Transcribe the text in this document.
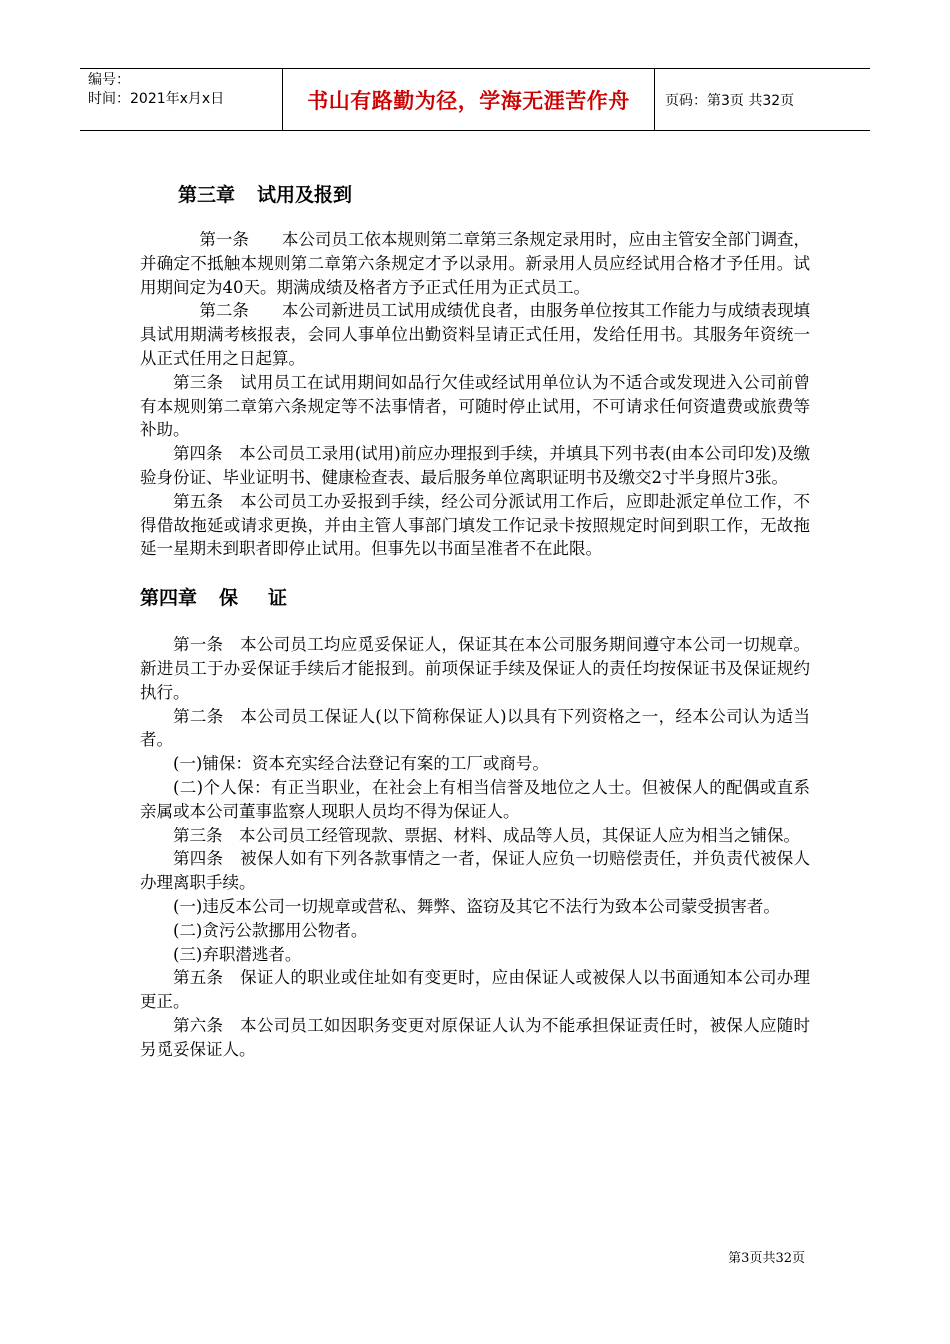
编号：
时间：2021年x月x日	书山有路勤为径，学海无涯苦作舟	页码：第3页 共32页
第三章 试用及报到

第一条　　本公司员工依本规则第二章第三条规定录用时，应由主管安全部门调查，并确定不抵触本规则第二章第六条规定才予以录用。新录用人员应经试用合格才予任用。试用期间定为40天。期满成绩及格者方予正式任用为正式员工。

第二条　　本公司新进员工试用成绩优良者，由服务单位按其工作能力与成绩表现填具试用期满考核报表，会同人事单位出勤资料呈请正式任用，发给任用书。其服务年资统一从正式任用之日起算。

第三条　试用员工在试用期间如品行欠佳或经试用单位认为不适合或发现进入公司前曾有本规则第二章第六条规定等不法事情者，可随时停止试用，不可请求任何资遣费或旅费等补助。

第四条　本公司员工录用(试用)前应办理报到手续，并填具下列书表(由本公司印发)及缴验身份证、毕业证明书、健康检查表、最后服务单位离职证明书及缴交2寸半身照片3张。

第五条　本公司员工办妥报到手续，经公司分派试用工作后，应即赴派定单位工作，不得借故拖延或请求更换，并由主管人事部门填发工作记录卡按照规定时间到职工作，无故拖延一星期未到职者即停止试用。但事先以书面呈准者不在此限。

第四章 保 证

第一条　本公司员工均应觅妥保证人，保证其在本公司服务期间遵守本公司一切规章。新进员工于办妥保证手续后才能报到。前项保证手续及保证人的责任均按保证书及保证规约执行。

第二条　本公司员工保证人(以下简称保证人)以具有下列资格之一，经本公司认为适当者。

(一)铺保：资本充实经合法登记有案的工厂或商号。

(二)个人保：有正当职业，在社会上有相当信誉及地位之人士。但被保人的配偶或直系亲属或本公司董事监察人现职人员均不得为保证人。

第三条　本公司员工经管现款、票据、材料、成品等人员，其保证人应为相当之铺保。

第四条　被保人如有下列各款事情之一者，保证人应负一切赔偿责任，并负责代被保人办理离职手续。

(一)违反本公司一切规章或营私、舞弊、盗窃及其它不法行为致本公司蒙受损害者。

(二)贪污公款挪用公物者。

(三)弃职潜逃者。

第五条　保证人的职业或住址如有变更时，应由保证人或被保人以书面通知本公司办理更正。

第六条　本公司员工如因职务变更对原保证人认为不能承担保证责任时，被保人应随时另觅妥保证人。

第3页共32页
